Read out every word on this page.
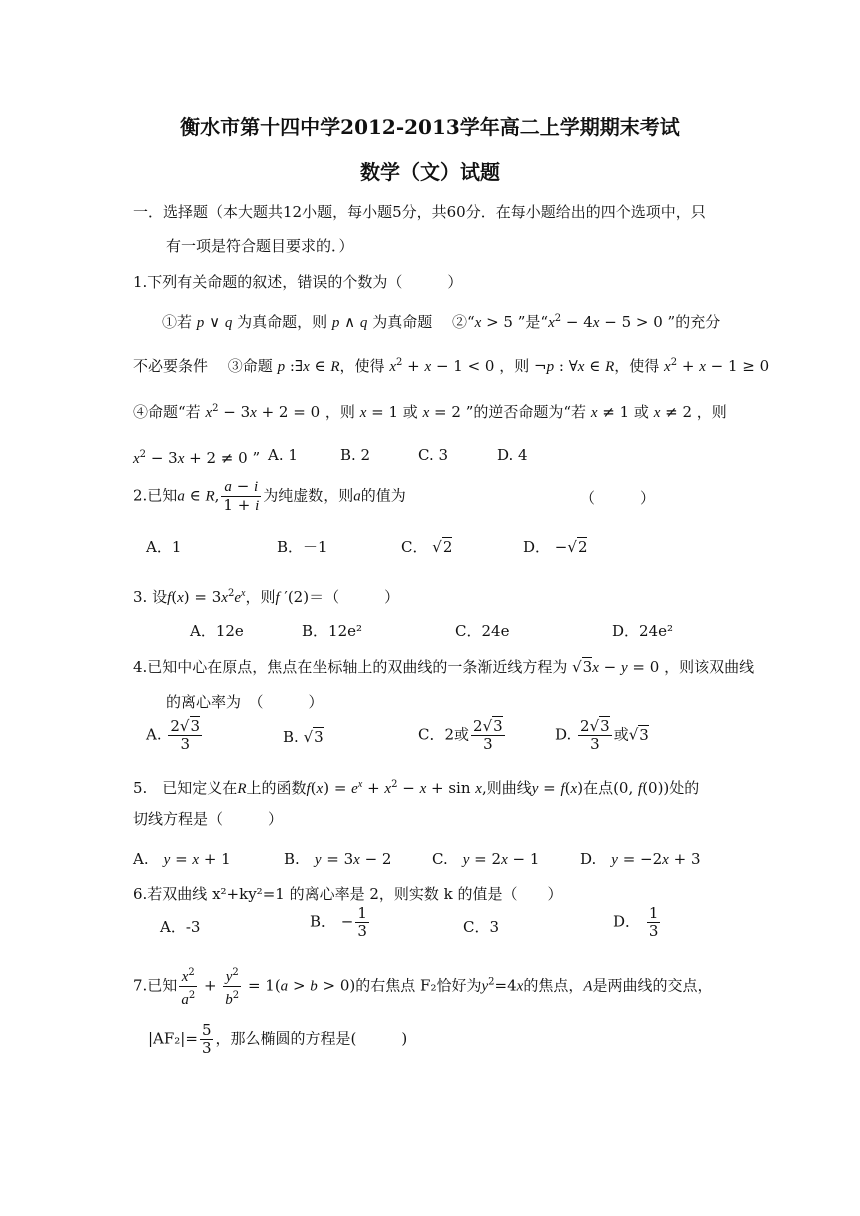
衡水市第十四中学2012-2013学年高二上学期期末考试
数学（文）试题
一．选择题（本大题共12小题，每小题5分，共60分．在每小题给出的四个选项中，只
有一项是符合题目要求的．）
1.下列有关命题的叙述，错误的个数为（　　　）
①若 p ∨ q 为真命题，则 p ∧ q 为真命题　 ②“x > 5 ”是“$x^2 - 4x - 5 > 0$ ”的充分
不必要条件　 ③命题 p :∃x ∈ R，使得 $x^2 + x - 1 < 0$ ，则 ¬p : ∀x ∈ R，使得 $x^2 + x - 1 \ge 0$
④命题“若 $x^2 - 3x + 2 = 0$ ，则 x = 1 或 x = 2 ”的逆否命题为“若 x ≠ 1 或 x ≠ 2 ，则
$x^2 - 3x + 2 \ne 0$ ” A. 1	B. 2	C. 3	D. 4
2.已知a ∈ R, $\frac{a - i}{1 + i}$ 为纯虚数，则a的值为	（　　　）
A．1	B．－1	C． √2	D． −√2
3. 设$f(x) = 3x^2e^x$，则f ′(2)＝（　　　）
A．12e	B．12e²	C．24e	D．24e²
4.已知中心在原点，焦点在坐标轴上的双曲线的一条渐近线方程为 √3x − y = 0 ，则该双曲线
的离心率为　（　　　）
A. $\frac{2√3}{3}$	B. √3	C．2或 $\frac{2√3}{3}$	D. $\frac{2√3}{3}$ 或√3
5.　已知定义在R上的函数$f(x) = e^x + x^2 - x + \sin x$,则曲线y = f(x)在点(0, f(0))处的
切线方程是（　　　）
A.　 y = x + 1	B.　 y = 3x − 2	C.　 y = 2x − 1	D.　 y = −2x + 3
6.若双曲线 x²+ky²=1 的离心率是 2，则实数 k 的值是（　　）
A．-3	B． − $\frac{1}{3}$	C．3	D． $\frac{1}{3}$
7.已知 $\frac{x^2}{a^2} + \frac{y^2}{b^2} = 1(a > b > 0)$的右焦点 F₂恰好为$y^2=4x$的焦点，A是两曲线的交点，
$|AF_2|= \frac{5}{3}$ ，那么椭圆的方程是(　　　)
